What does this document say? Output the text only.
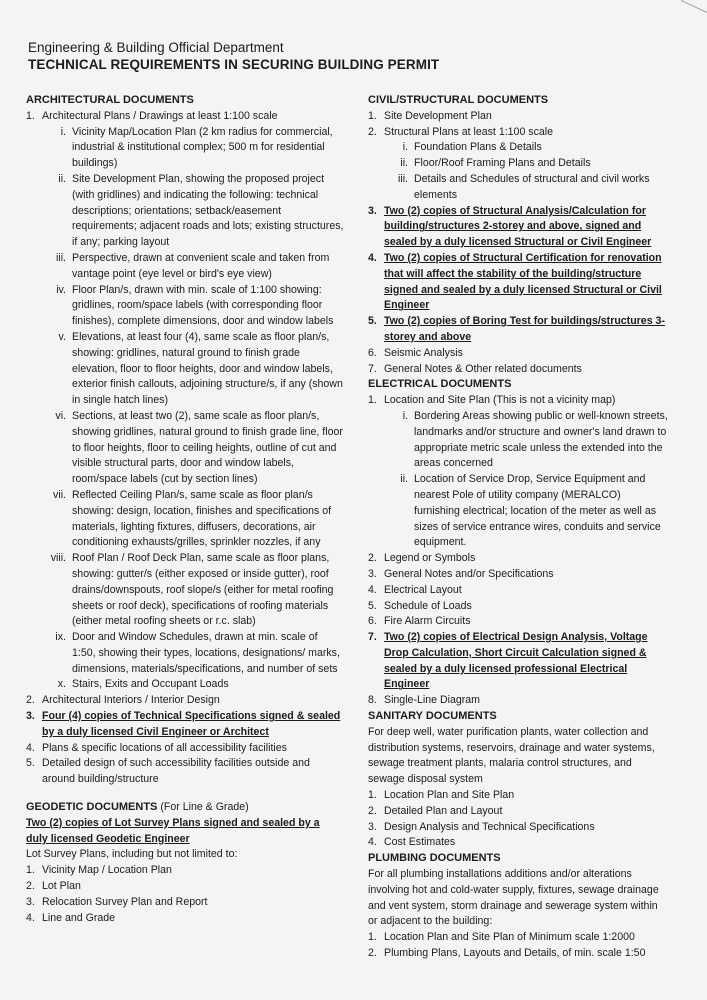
Engineering & Building Official Department

TECHNICAL REQUIREMENTS IN SECURING BUILDING PERMIT

ARCHITECTURAL DOCUMENTS
1. Architectural Plans / Drawings at least 1:100 scale
i. Vicinity Map/Location Plan (2 km radius for commercial, industrial & institutional complex; 500 m for residential buildings)
ii. Site Development Plan, showing the proposed project (with gridlines) and indicating the following: technical descriptions; orientations; setback/easement requirements; adjacent roads and lots; existing structures, if any; parking layout
iii. Perspective, drawn at convenient scale and taken from vantage point (eye level or bird's eye view)
iv. Floor Plan/s, drawn with min. scale of 1:100 showing: gridlines, room/space labels (with corresponding floor finishes), complete dimensions, door and window labels
v. Elevations, at least four (4), same scale as floor plan/s, showing: gridlines, natural ground to finish grade elevation, floor to floor heights, door and window labels, exterior finish callouts, adjoining structure/s, if any (shown in single hatch lines)
vi. Sections, at least two (2), same scale as floor plan/s, showing gridlines, natural ground to finish grade line, floor to floor heights, floor to ceiling heights, outline of cut and visible structural parts, door and window labels, room/space labels (cut by section lines)
vii. Reflected Ceiling Plan/s, same scale as floor plan/s showing: design, location, finishes and specifications of materials, lighting fixtures, diffusers, decorations, air conditioning exhausts/grilles, sprinkler nozzles, if any
viii. Roof Plan / Roof Deck Plan, same scale as floor plans, showing: gutter/s (either exposed or inside gutter), roof drains/downspouts, roof slope/s (either for metal roofing sheets or roof deck), specifications of roofing materials (either metal roofing sheets or r.c. slab)
ix. Door and Window Schedules, drawn at min. scale of 1:50, showing their types, locations, designations/ marks, dimensions, materials/specifications, and number of sets
x. Stairs, Exits and Occupant Loads
2. Architectural Interiors / Interior Design
3. Four (4) copies of Technical Specifications signed & sealed by a duly licensed Civil Engineer or Architect
4. Plans & specific locations of all accessibility facilities
5. Detailed design of such accessibility facilities outside and around building/structure
GEODETIC DOCUMENTS (For Line & Grade)
Two (2) copies of Lot Survey Plans signed and sealed by a duly licensed Geodetic Engineer
Lot Survey Plans, including but not limited to:
1. Vicinity Map / Location Plan
2. Lot Plan
3. Relocation Survey Plan and Report
4. Line and Grade
CIVIL/STRUCTURAL DOCUMENTS
1. Site Development Plan
2. Structural Plans at least 1:100 scale
i. Foundation Plans & Details
ii. Floor/Roof Framing Plans and Details
iii. Details and Schedules of structural and civil works elements
3. Two (2) copies of Structural Analysis/Calculation for building/structures 2-storey and above, signed and sealed by a duly licensed Structural or Civil Engineer
4. Two (2) copies of Structural Certification for renovation that will affect the stability of the building/structure signed and sealed by a duly licensed Structural or Civil Engineer
5. Two (2) copies of Boring Test for buildings/structures 3-storey and above
6. Seismic Analysis
7. General Notes & Other related documents
ELECTRICAL DOCUMENTS
1. Location and Site Plan (This is not a vicinity map)
i. Bordering Areas showing public or well-known streets, landmarks and/or structure and owner's land drawn to appropriate metric scale unless the extended into the areas concerned
ii. Location of Service Drop, Service Equipment and nearest Pole of utility company (MERALCO) furnishing electrical; location of the meter as well as sizes of service entrance wires, conduits and service equipment.
2. Legend or Symbols
3. General Notes and/or Specifications
4. Electrical Layout
5. Schedule of Loads
6. Fire Alarm Circuits
7. Two (2) copies of Electrical Design Analysis, Voltage Drop Calculation, Short Circuit Calculation signed & sealed by a duly licensed professional Electrical Engineer
8. Single-Line Diagram
SANITARY DOCUMENTS
For deep well, water purification plants, water collection and distribution systems, reservoirs, drainage and water systems, sewage treatment plants, malaria control structures, and sewage disposal system
1. Location Plan and Site Plan
2. Detailed Plan and Layout
3. Design Analysis and Technical Specifications
4. Cost Estimates
PLUMBING DOCUMENTS
For all plumbing installations additions and/or alterations involving hot and cold-water supply, fixtures, sewage drainage and vent system, storm drainage and sewerage system within or adjacent to the building:
1. Location Plan and Site Plan of Minimum scale 1:2000
2. Plumbing Plans, Layouts and Details, of min. scale 1:50
